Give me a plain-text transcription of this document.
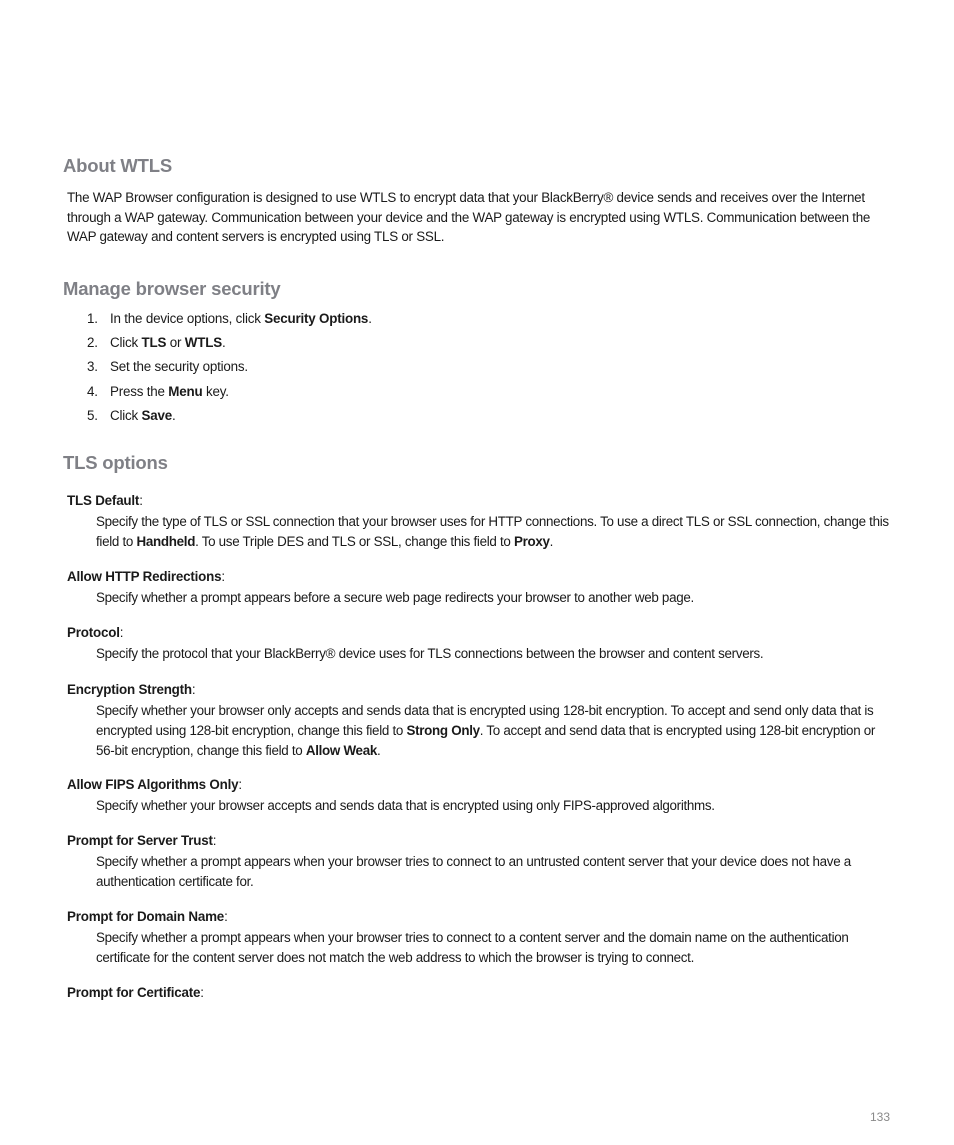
About WTLS

The WAP Browser configuration is designed to use WTLS to encrypt data that your BlackBerry® device sends and receives over the Internet through a WAP gateway. Communication between your device and the WAP gateway is encrypted using WTLS. Communication between the WAP gateway and content servers is encrypted using TLS or SSL.

Manage browser security
1. In the device options, click Security Options.
2. Click TLS or WTLS.
3. Set the security options.
4. Press the Menu key.
5. Click Save.
TLS options
TLS Default:

Specify the type of TLS or SSL connection that your browser uses for HTTP connections. To use a direct TLS or SSL connection, change this field to Handheld. To use Triple DES and TLS or SSL, change this field to Proxy.

Allow HTTP Redirections:

Specify whether a prompt appears before a secure web page redirects your browser to another web page.

Protocol:

Specify the protocol that your BlackBerry® device uses for TLS connections between the browser and content servers.

Encryption Strength:

Specify whether your browser only accepts and sends data that is encrypted using 128-bit encryption. To accept and send only data that is encrypted using 128-bit encryption, change this field to Strong Only. To accept and send data that is encrypted using 128-bit encryption or 56-bit encryption, change this field to Allow Weak.

Allow FIPS Algorithms Only:

Specify whether your browser accepts and sends data that is encrypted using only FIPS-approved algorithms.

Prompt for Server Trust:

Specify whether a prompt appears when your browser tries to connect to an untrusted content server that your device does not have a authentication certificate for.

Prompt for Domain Name:

Specify whether a prompt appears when your browser tries to connect to a content server and the domain name on the authentication certificate for the content server does not match the web address to which the browser is trying to connect.

Prompt for Certificate:
133
